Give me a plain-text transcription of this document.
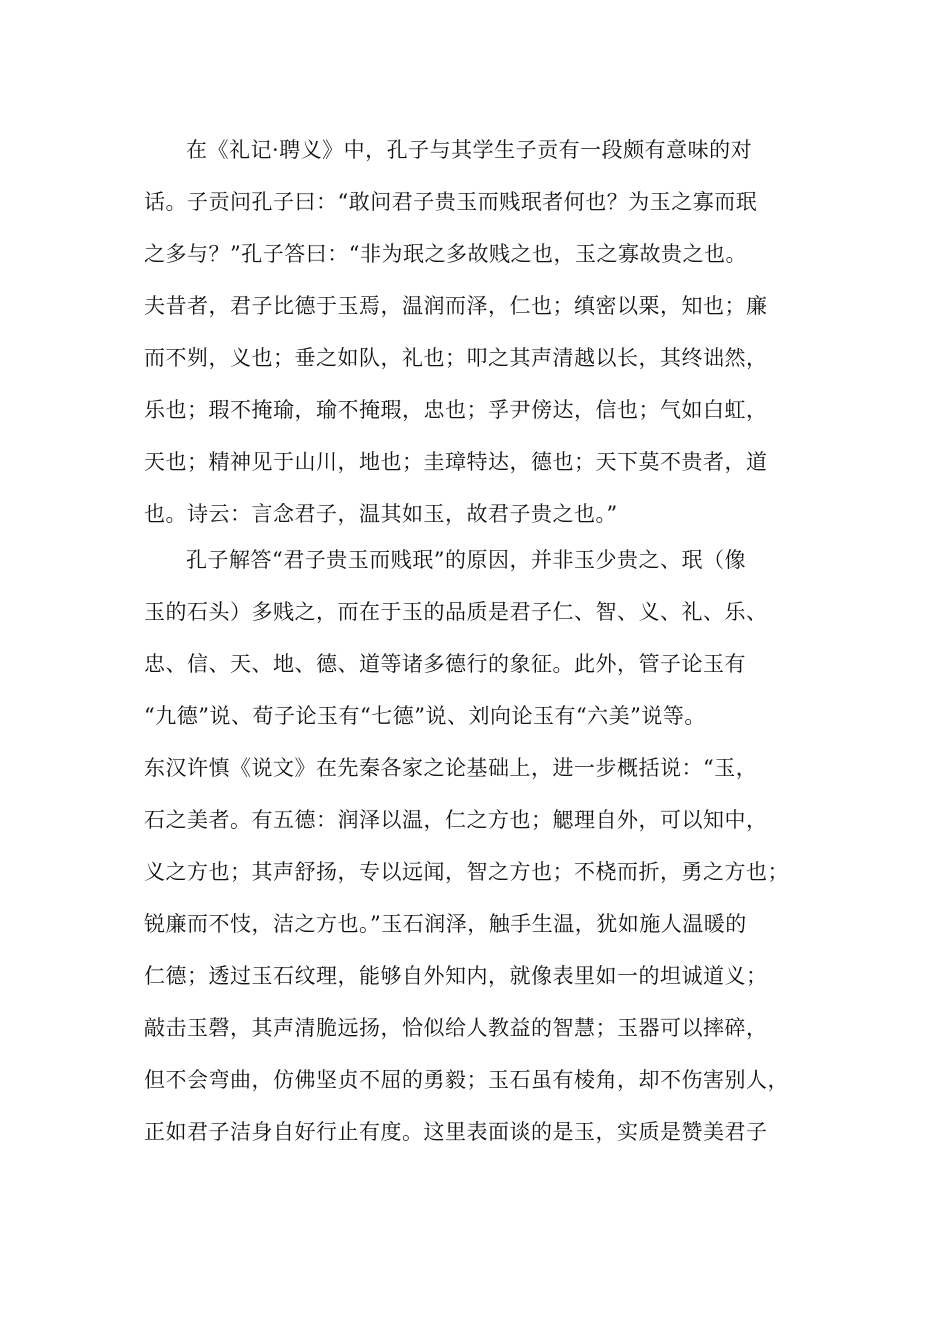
在《礼记·聘义》中，孔子与其学生子贡有一段颇有意味的对
话。子贡问孔子曰：“敢问君子贵玉而贱珉者何也？为玉之寡而珉
之多与？”孔子答曰：“非为珉之多故贱之也，玉之寡故贵之也。
夫昔者，君子比德于玉焉，温润而泽，仁也；缜密以栗，知也；廉
而不刿，义也；垂之如队，礼也；叩之其声清越以长，其终诎然，
乐也；瑕不掩瑜，瑜不掩瑕，忠也；孚尹傍达，信也；气如白虹，
天也；精神见于山川，地也；圭璋特达，德也；天下莫不贵者，道
也。诗云：言念君子，温其如玉，故君子贵之也。”
孔子解答“君子贵玉而贱珉”的原因，并非玉少贵之、珉（像
玉的石头）多贱之，而在于玉的品质是君子仁、智、义、礼、乐、
忠、信、天、地、德、道等诸多德行的象征。此外，管子论玉有
“九德”说、荀子论玉有“七德”说、刘向论玉有“六美”说等。
东汉许慎《说文》在先秦各家之论基础上，进一步概括说：“玉，
石之美者。有五德：润泽以温，仁之方也；䚡理自外，可以知中，
义之方也；其声舒扬，专以远闻，智之方也；不桡而折，勇之方也；
锐廉而不忮，洁之方也。”玉石润泽，触手生温，犹如施人温暖的
仁德；透过玉石纹理，能够自外知内，就像表里如一的坦诚道义；
敲击玉磬，其声清脆远扬，恰似给人教益的智慧；玉器可以摔碎，
但不会弯曲，仿佛坚贞不屈的勇毅；玉石虽有棱角，却不伤害别人，
正如君子洁身自好行止有度。这里表面谈的是玉，实质是赞美君子
